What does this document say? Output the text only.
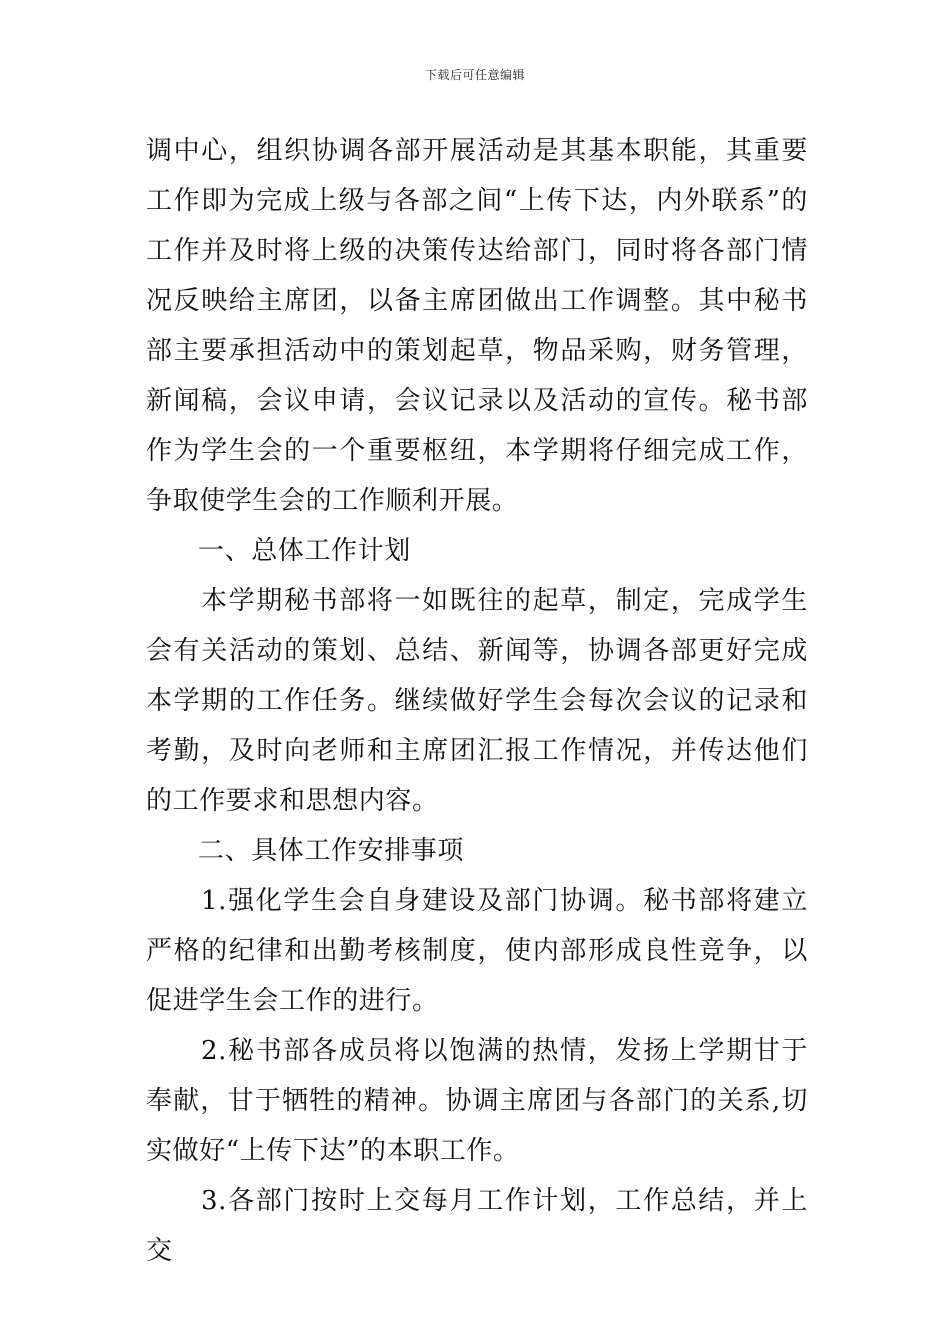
下载后可任意编辑

调中心，组织协调各部开展活动是其基本职能，其重要工作即为完成上级与各部之间“上传下达，内外联系”的工作并及时将上级的决策传达给部门，同时将各部门情况反映给主席团，以备主席团做出工作调整。其中秘书部主要承担活动中的策划起草，物品采购，财务管理，新闻稿，会议申请，会议记录以及活动的宣传。秘书部作为学生会的一个重要枢纽，本学期将仔细完成工作，争取使学生会的工作顺利开展。

一、总体工作计划

本学期秘书部将一如既往的起草，制定，完成学生会有关活动的策划、总结、新闻等，协调各部更好完成本学期的工作任务。继续做好学生会每次会议的记录和考勤，及时向老师和主席团汇报工作情况，并传达他们的工作要求和思想内容。

二、具体工作安排事项

1.强化学生会自身建设及部门协调。秘书部将建立严格的纪律和出勤考核制度，使内部形成良性竞争，以促进学生会工作的进行。

2.秘书部各成员将以饱满的热情，发扬上学期甘于奉献，甘于牺牲的精神。协调主席团与各部门的关系,切实做好“上传下达”的本职工作。

3.各部门按时上交每月工作计划，工作总结，并上交
